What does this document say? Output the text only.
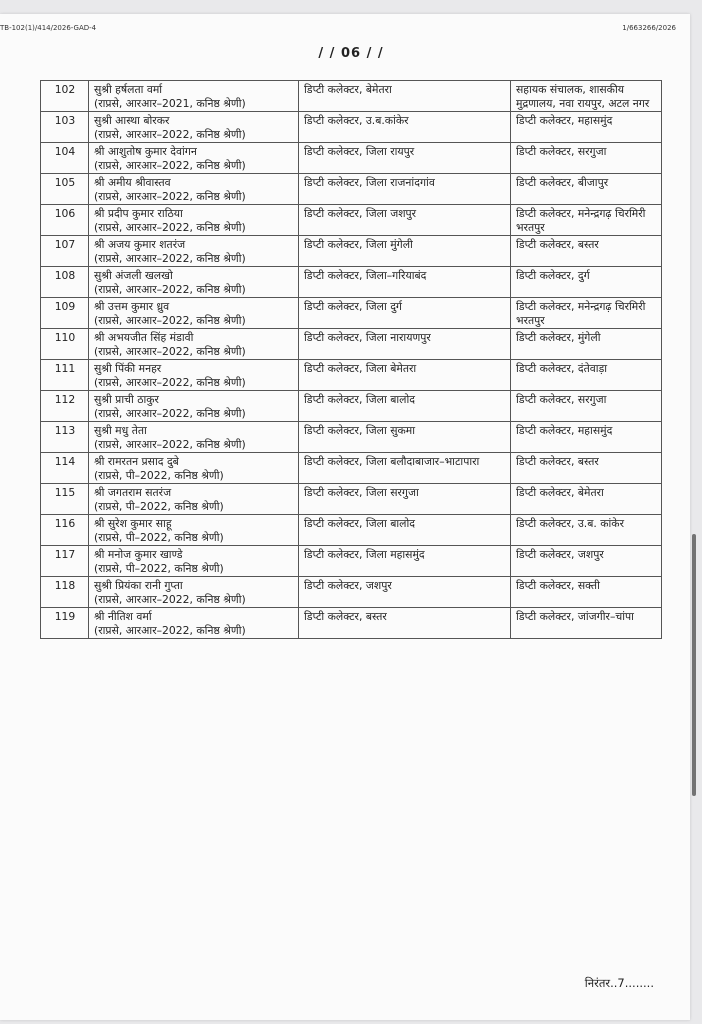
TB-102(1)/414/2026-GAD-4	1/663266/2026
/ / 06 / /
102	सुश्री हर्षलता वर्मा
(राप्रसे, आरआर–2021, कनिष्ठ श्रेणी)	डिप्टी कलेक्टर, बेमेतरा	सहायक संचालक, शासकीय मुद्रणालय, नवा रायपुर, अटल नगर
103	सुश्री आस्था बोरकर
(राप्रसे, आरआर–2022, कनिष्ठ श्रेणी)	डिप्टी कलेक्टर, उ.ब.कांकेर	डिप्टी कलेक्टर, महासमुंद
104	श्री आशुतोष कुमार देवांगन
(राप्रसे, आरआर–2022, कनिष्ठ श्रेणी)	डिप्टी कलेक्टर, जिला रायपुर	डिप्टी कलेक्टर, सरगुजा
105	श्री अमीय श्रीवास्तव
(राप्रसे, आरआर–2022, कनिष्ठ श्रेणी)	डिप्टी कलेक्टर, जिला राजनांदगांव	डिप्टी कलेक्टर, बीजापुर
106	श्री प्रदीप कुमार राठिया
(राप्रसे, आरआर–2022, कनिष्ठ श्रेणी)	डिप्टी कलेक्टर, जिला जशपुर	डिप्टी कलेक्टर, मनेन्द्रगढ़ चिरमिरी भरतपुर
107	श्री अजय कुमार शतरंज
(राप्रसे, आरआर–2022, कनिष्ठ श्रेणी)	डिप्टी कलेक्टर, जिला मुंगेली	डिप्टी कलेक्टर, बस्तर
108	सुश्री अंजली खलखो
(राप्रसे, आरआर–2022, कनिष्ठ श्रेणी)	डिप्टी कलेक्टर, जिला–गरियाबंद	डिप्टी कलेक्टर, दुर्ग
109	श्री उत्तम कुमार ध्रुव
(राप्रसे, आरआर–2022, कनिष्ठ श्रेणी)	डिप्टी कलेक्टर, जिला दुर्ग	डिप्टी कलेक्टर, मनेन्द्रगढ़ चिरमिरी भरतपुर
110	श्री अभयजीत सिंह मंडावी
(राप्रसे, आरआर–2022, कनिष्ठ श्रेणी)	डिप्टी कलेक्टर, जिला नारायणपुर	डिप्टी कलेक्टर, मुंगेली
111	सुश्री पिंकी मनहर
(राप्रसे, आरआर–2022, कनिष्ठ श्रेणी)	डिप्टी कलेक्टर, जिला बेमेतरा	डिप्टी कलेक्टर, दंतेवाड़ा
112	सुश्री प्राची ठाकुर
(राप्रसे, आरआर–2022, कनिष्ठ श्रेणी)	डिप्टी कलेक्टर, जिला बालोद	डिप्टी कलेक्टर, सरगुजा
113	सुश्री मधु तेता
(राप्रसे, आरआर–2022, कनिष्ठ श्रेणी)	डिप्टी कलेक्टर, जिला सुकमा	डिप्टी कलेक्टर, महासमुंद
114	श्री रामरतन प्रसाद दुबे
(राप्रसे, पी–2022, कनिष्ठ श्रेणी)	डिप्टी कलेक्टर, जिला बलौदाबाजार–भाटापारा	डिप्टी कलेक्टर, बस्तर
115	श्री जगतराम सतरंज
(राप्रसे, पी–2022, कनिष्ठ श्रेणी)	डिप्टी कलेक्टर, जिला सरगुजा	डिप्टी कलेक्टर, बेमेतरा
116	श्री सुरेश कुमार साहू
(राप्रसे, पी–2022, कनिष्ठ श्रेणी)	डिप्टी कलेक्टर, जिला बालोद	डिप्टी कलेक्टर, उ.ब. कांकेर
117	श्री मनोज कुमार खाण्डे
(राप्रसे, पी–2022, कनिष्ठ श्रेणी)	डिप्टी कलेक्टर, जिला महासमुंद	डिप्टी कलेक्टर, जशपुर
118	सुश्री प्रियंका रानी गुप्ता
(राप्रसे, आरआर–2022, कनिष्ठ श्रेणी)	डिप्टी कलेक्टर, जशपुर	डिप्टी कलेक्टर, सक्ती
119	श्री नीतिश वर्मा
(राप्रसे, आरआर–2022, कनिष्ठ श्रेणी)	डिप्टी कलेक्टर, बस्तर	डिप्टी कलेक्टर, जांजगीर–चांपा
निरंतर..7........
